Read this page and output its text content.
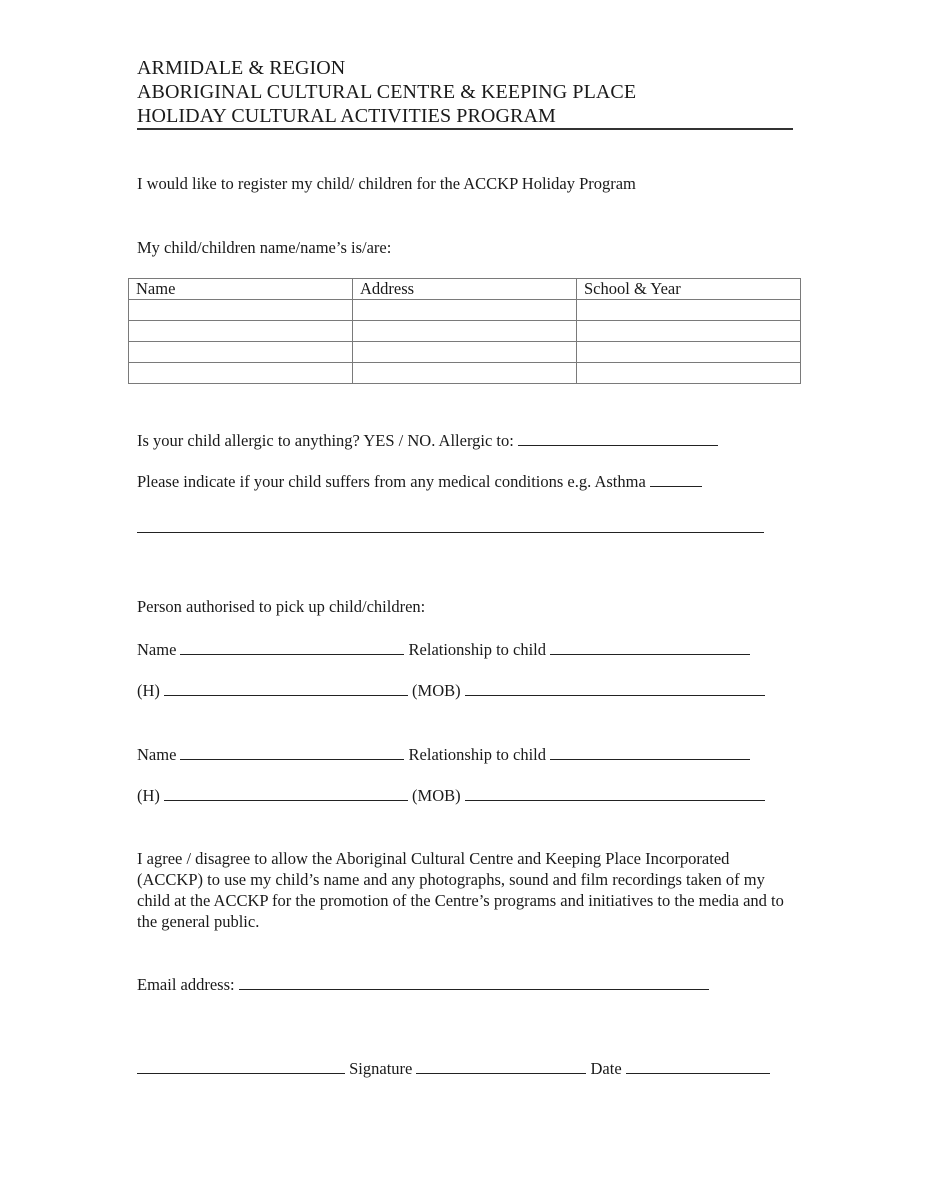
ARMIDALE & REGION
ABORIGINAL CULTURAL CENTRE & KEEPING PLACE
HOLIDAY CULTURAL ACTIVITIES PROGRAM
I would like to register my child/ children for the ACCKP Holiday Program
My child/children name/name’s is/are:
Name	Address	School & Year

Is your child allergic to anything? YES / NO. Allergic to:
Please indicate if your child suffers from any medical conditions e.g. Asthma
Person authorised to pick up child/children:
Name	Relationship to child
(H)	(MOB)
Name	Relationship to child
(H)	(MOB)
I agree / disagree to allow the Aboriginal Cultural Centre and Keeping Place Incorporated (ACCKP) to use my child’s name and any photographs, sound and film recordings taken of my child at the ACCKP for the promotion of the Centre’s programs and initiatives to the media and to the general public.
Email address:
Signature	Date
